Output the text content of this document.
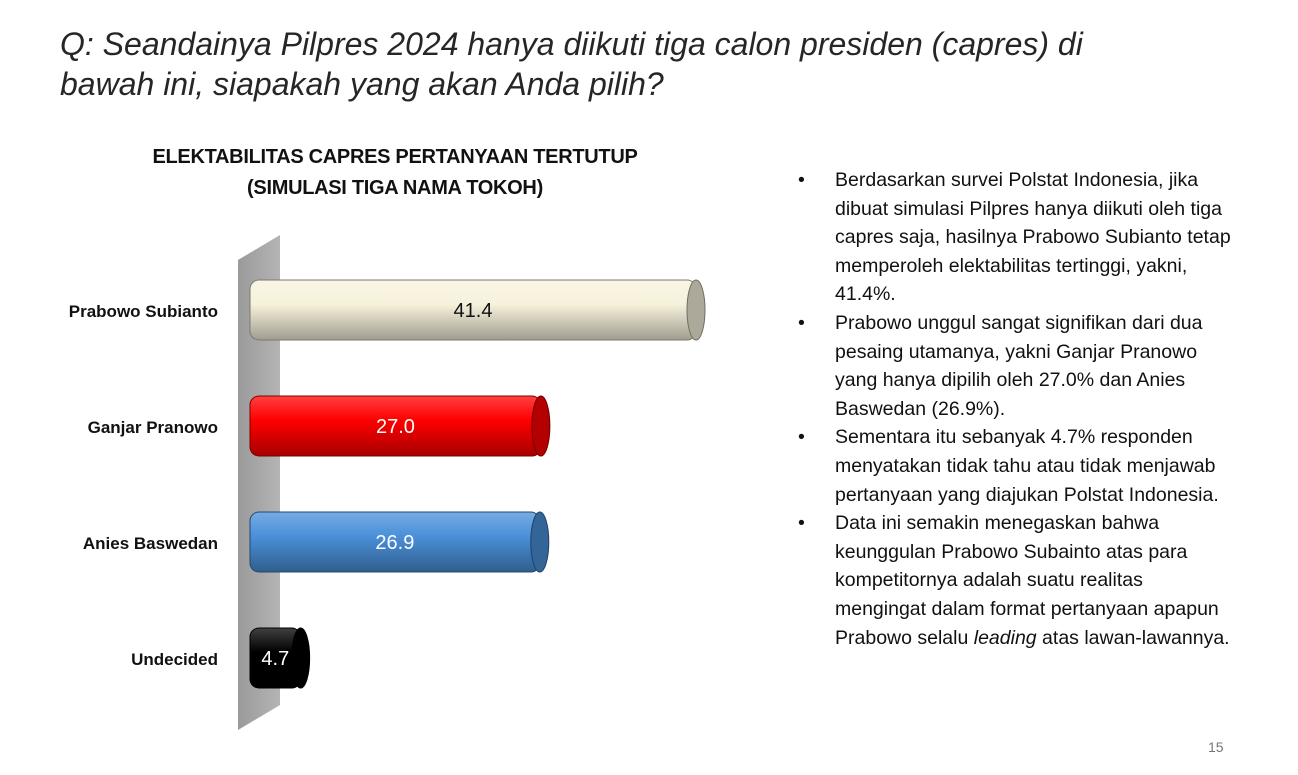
Q: Seandainya Pilpres 2024 hanya diikuti tiga calon presiden (capres) di bawah ini, siapakah yang akan Anda pilih?
ELEKTABILITAS CAPRES PERTANYAAN TERTUTUP
(SIMULASI TIGA NAMA TOKOH)
41.4
Prabowo Subianto
27.0
Ganjar Pranowo
26.9
Anies Baswedan
4.7
Undecided
• Berdasarkan survei Polstat Indonesia, jika dibuat simulasi Pilpres hanya diikuti oleh tiga capres saja, hasilnya Prabowo Subianto tetap memperoleh elektabilitas tertinggi, yakni, 41.4%.
• Prabowo unggul sangat signifikan dari dua pesaing utamanya, yakni Ganjar Pranowo yang hanya dipilih oleh 27.0% dan Anies Baswedan (26.9%).
• Sementara itu sebanyak 4.7% responden menyatakan tidak tahu atau tidak menjawab pertanyaan yang diajukan Polstat Indonesia.
• Data ini semakin menegaskan bahwa keunggulan Prabowo Subainto atas para kompetitornya adalah suatu realitas mengingat dalam format pertanyaan apapun Prabowo selalu leading atas lawan-lawannya.
15
